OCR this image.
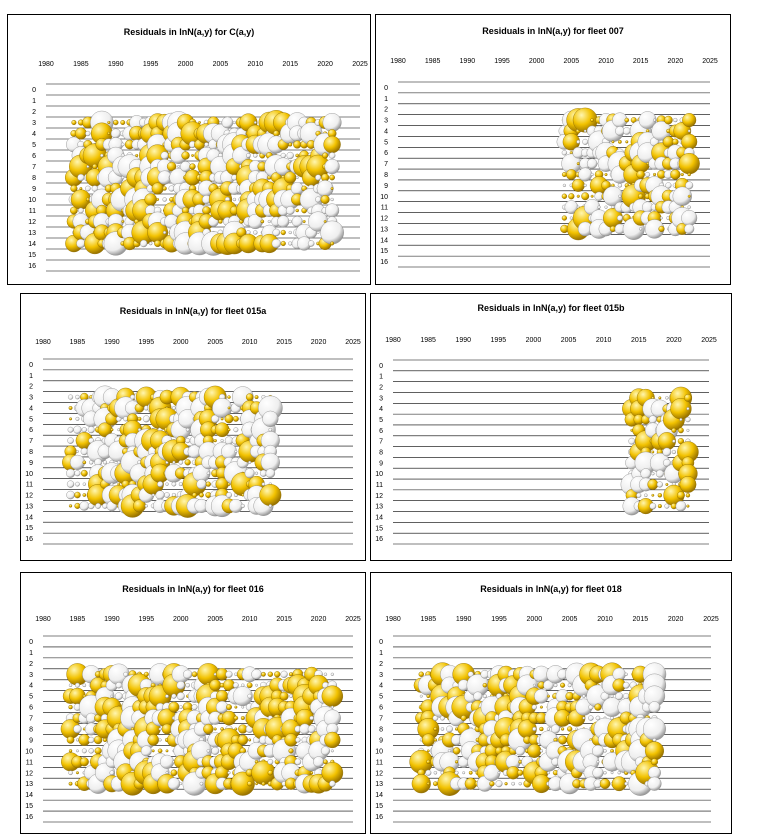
Residuals in lnN(a,y) for C(a,y)
1980	1985	1990	1995	2000	2005	2010	2015	2020	2025
0
1
2
3
4
5
6
7
8
9
10
11
12
13
14
15
16
Residuals in lnN(a,y) for fleet 007
1980	1985	1990	1995	2000	2005	2010	2015	2020	2025
0
1
2
3
4
5
6
7
8
9
10
11
12
13
14
15
16
Residuals in lnN(a,y) for fleet 015a
1980	1985	1990	1995	2000	2005	2010	2015	2020	2025
0
1
2
3
4
5
6
7
8
9
10
11
12
13
14
15
16
Residuals in lnN(a,y) for fleet 015b
1980	1985	1990	1995	2000	2005	2010	2015	2020	2025
0
1
2
3
4
5
6
7
8
9
10
11
12
13
14
15
16
Residuals in lnN(a,y) for fleet 016
1980	1985	1990	1995	2000	2005	2010	2015	2020	2025
0
1
2
3
4
5
6
7
8
9
10
11
12
13
14
15
16
Residuals in lnN(a,y) for fleet 018
1980	1985	1990	1995	2000	2005	2010	2015	2020	2025
0
1
2
3
4
5
6
7
8
9
10
11
12
13
14
15
16
